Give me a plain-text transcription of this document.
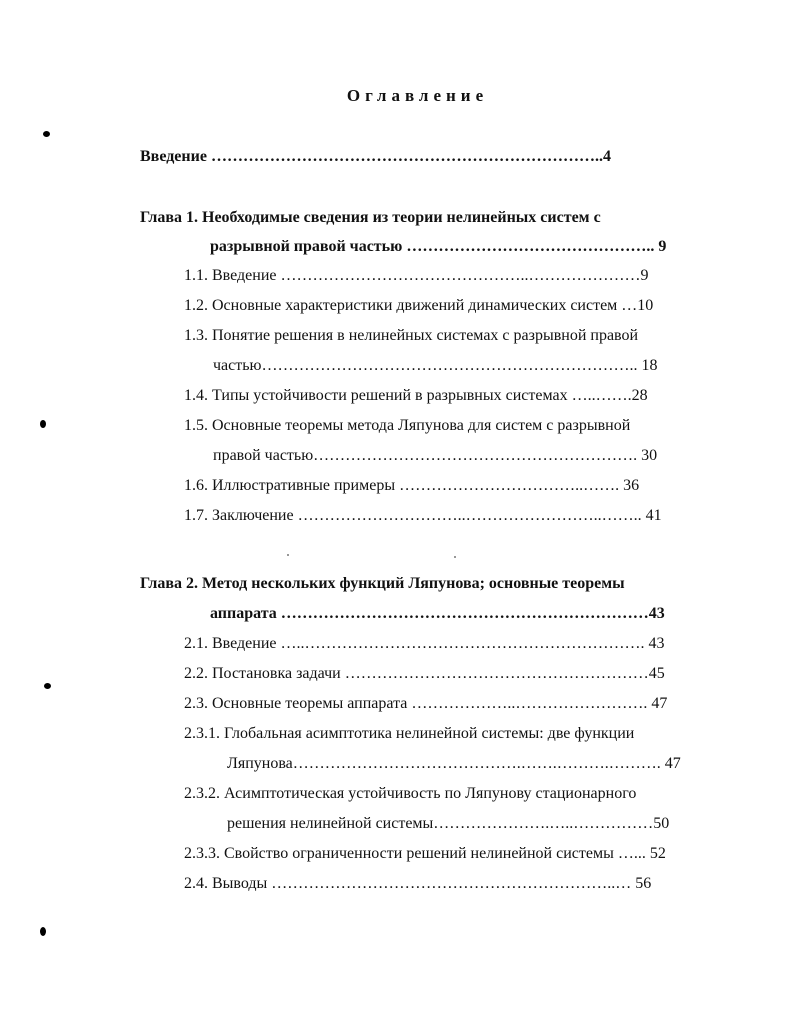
Оглавление
Введение ………………………………………………………………..4
Глава 1. Необходимые сведения из теории нелинейных систем с
разрывной правой частью ……………………………………….. 9
1.1. Введение ………………………………………..…………………9
1.2. Основные характеристики движений динамических систем …10
1.3. Понятие решения в нелинейных системах с разрывной правой
частью…………………………………………………………….. 18
1.4. Типы устойчивости решений в разрывных системах …..…….28
1.5. Основные теоремы метода Ляпунова для систем с разрывной
правой частью……………………………………………………. 30
1.6. Иллюстративные примеры ……………………………..……. 36
1.7. Заключение …………………………..……………………..…….. 41
Глава 2. Метод нескольких функций Ляпунова; основные теоремы
аппарата ……………………………………………………………43
2.1. Введение …..………………………………………………………. 43
2.2. Постановка задачи …………………………………………………45
2.3. Основные теоремы аппарата ………………..……………………. 47
2.3.1. Глобальная асимптотика нелинейной системы: две функции
Ляпунова…………………………………….…….……….………. 47
2.3.2. Асимптотическая устойчивость по Ляпунову стационарного
решения нелинейной системы………………….…..……………50
2.3.3. Свойство ограниченности решений нелинейной системы …... 52
2.4. Выводы ………………………………………………………..… 56
